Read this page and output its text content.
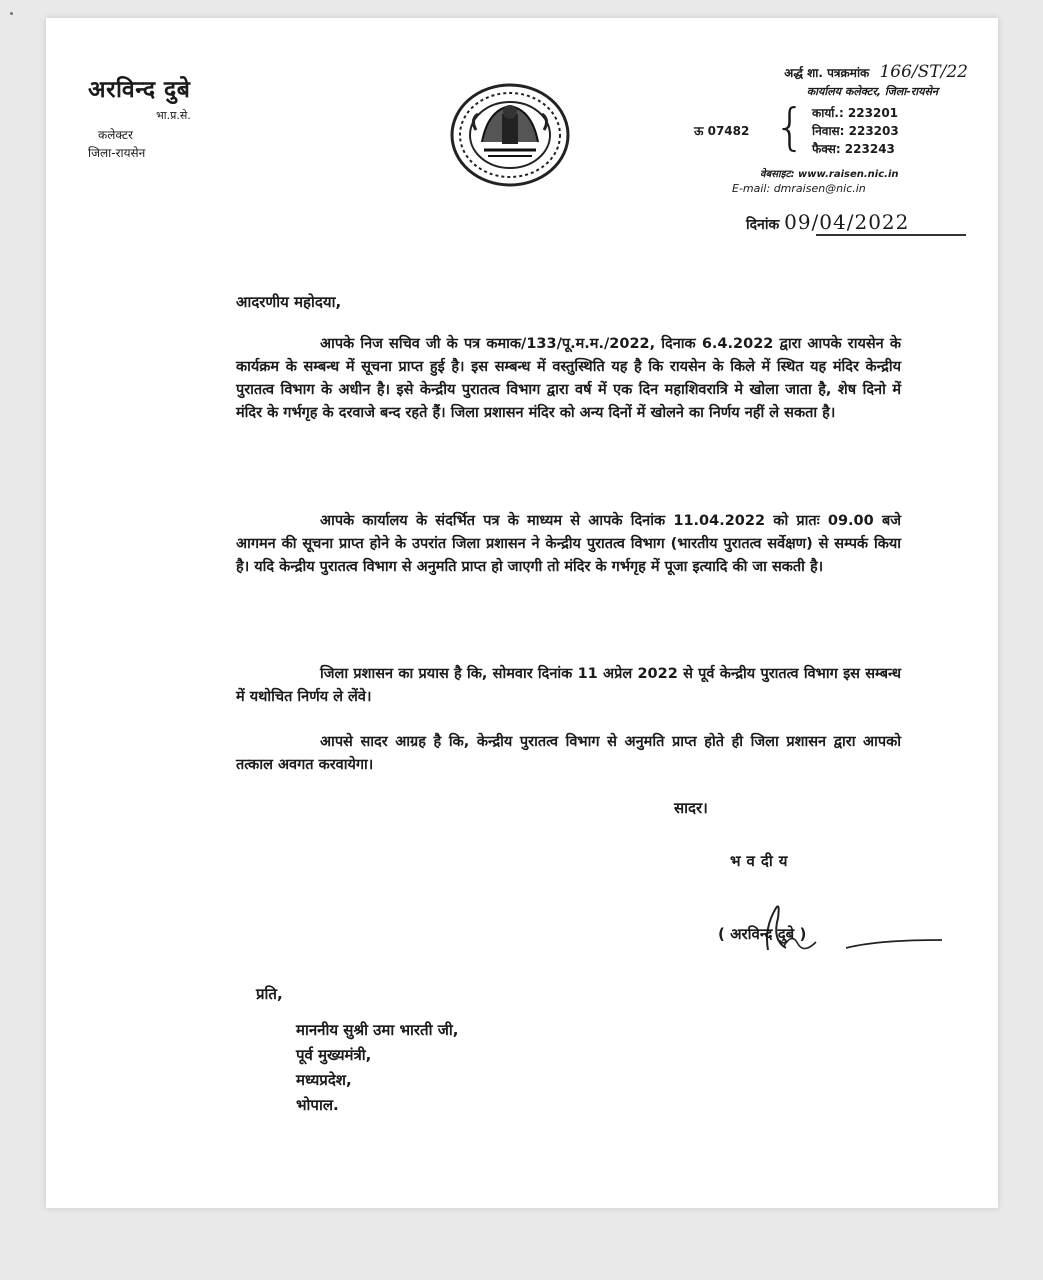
अरविन्द दुबे
भा.प्र.से.
कलेक्टर
जिला-रायसेन
अर्द्ध शा. पत्रक्रमांक 166/ST/22
कार्यालय कलेक्टर, जिला-रायसेन
ऊ 07482 { कार्या.: 223201
निवास: 223203
फैक्स: 223243
वेबसाइट: www.raisen.nic.in
E-mail: dmraisen@nic.in
दिनांक 09/04/2022
आदरणीय महोदया,
आपके निज सचिव जी के पत्र कमाक/133/पू.म.म./2022, दिनाक 6.4.2022 द्वारा आपके रायसेन के कार्यक्रम के सम्बन्ध में सूचना प्राप्त हुई है। इस सम्बन्ध में वस्तुस्थिति यह है कि रायसेन के किले में स्थित यह मंदिर केन्द्रीय पुरातत्व विभाग के अधीन है। इसे केन्द्रीय पुरातत्व विभाग द्वारा वर्ष में एक दिन महाशिवरात्रि मे खोला जाता है, शेष दिनो में मंदिर के गर्भगृह के दरवाजे बन्द रहते हैं। जिला प्रशासन मंदिर को अन्य दिनों में खोलने का निर्णय नहीं ले सकता है।
आपके कार्यालय के संदर्भित पत्र के माध्यम से आपके दिनांक 11.04.2022 को प्रातः 09.00 बजे आगमन की सूचना प्राप्त होने के उपरांत जिला प्रशासन ने केन्द्रीय पुरातत्व विभाग (भारतीय पुरातत्व सर्वेक्षण) से सम्पर्क किया है। यदि केन्द्रीय पुरातत्व विभाग से अनुमति प्राप्त हो जाएगी तो मंदिर के गर्भगृह में पूजा इत्यादि की जा सकती है।
जिला प्रशासन का प्रयास है कि, सोमवार दिनांक 11 अप्रेल 2022 से पूर्व केन्द्रीय पुरातत्व विभाग इस सम्बन्ध में यथोचित निर्णय ले लेंवे।
आपसे सादर आग्रह है कि, केन्द्रीय पुरातत्व विभाग से अनुमति प्राप्त होते ही जिला प्रशासन द्वारा आपको तत्काल अवगत करवायेगा।
सादर।
भवदीय
( अरविन्द दुबे )
प्रति,
माननीय सुश्री उमा भारती जी,
पूर्व मुख्यमंत्री,
मध्यप्रदेश,
भोपाल.
